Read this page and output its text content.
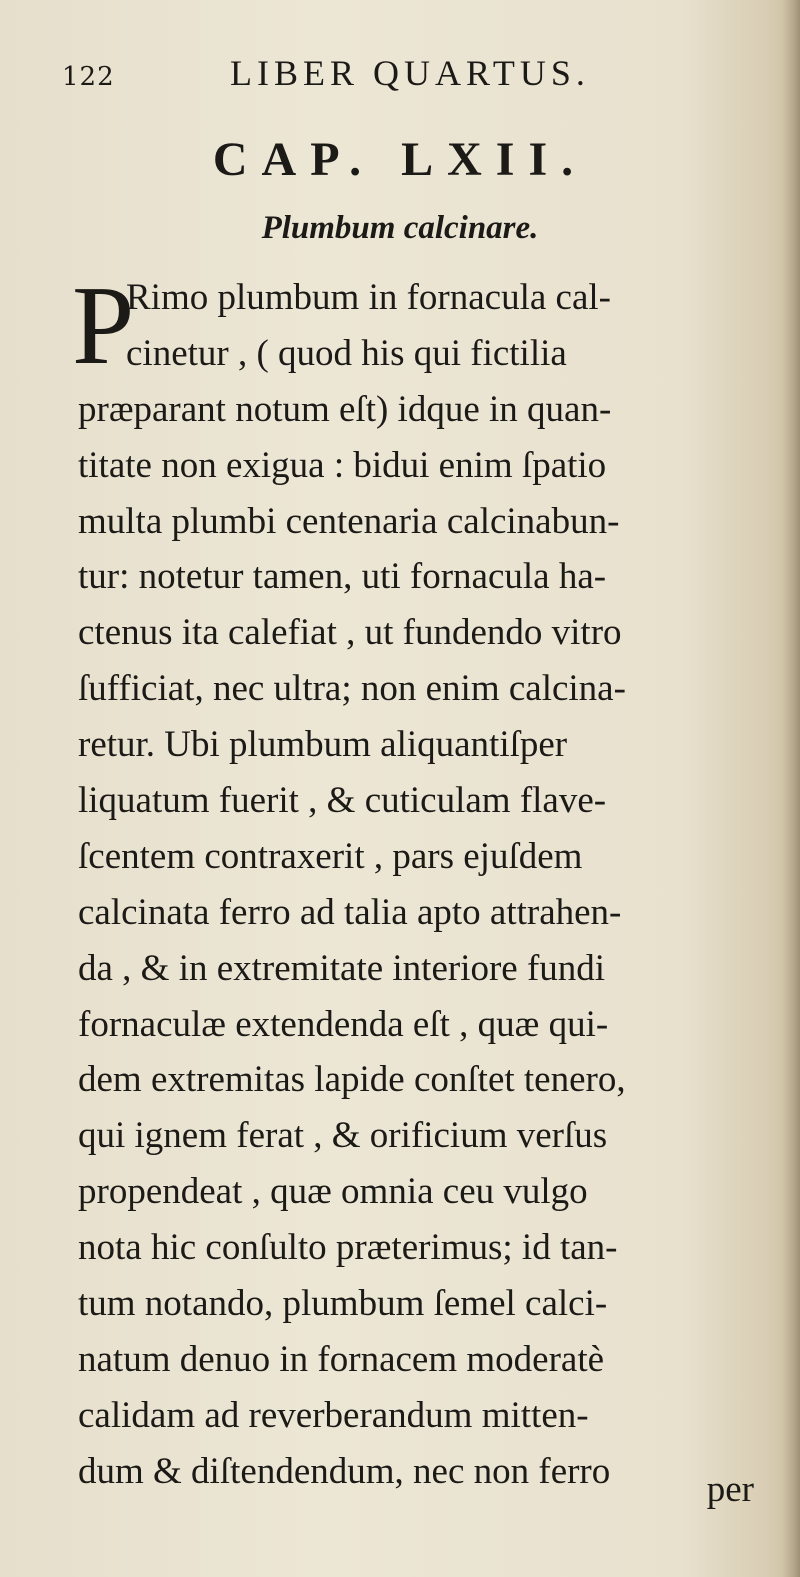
122	LIBER QUARTUS.
CAP. LXII.
Plumbum calcinare.
P
Rimo plumbum in fornacula cal-
cinetur , ( quod his qui fictilia
præparant notum eſt) idque in quan-
titate non exigua : bidui enim ſpatio
multa plumbi centenaria calcinabun-
tur: notetur tamen, uti fornacula ha-
ctenus ita calefiat , ut fundendo vitro
ſufficiat, nec ultra; non enim calcina-
retur. Ubi plumbum aliquantiſper
liquatum fuerit , & cuticulam flave-
ſcentem contraxerit , pars ejuſdem
calcinata ferro ad talia apto attrahen-
da , & in extremitate interiore fundi
fornaculæ extendenda eſt , quæ qui-
dem extremitas lapide conſtet tenero,
qui ignem ferat , & orificium verſus
propendeat , quæ omnia ceu vulgo
nota hic conſulto præterimus; id tan-
tum notando, plumbum ſemel calci-
natum denuo in fornacem moderatè
calidam ad reverberandum mitten-
dum & diſtendendum, nec non ferro	per
